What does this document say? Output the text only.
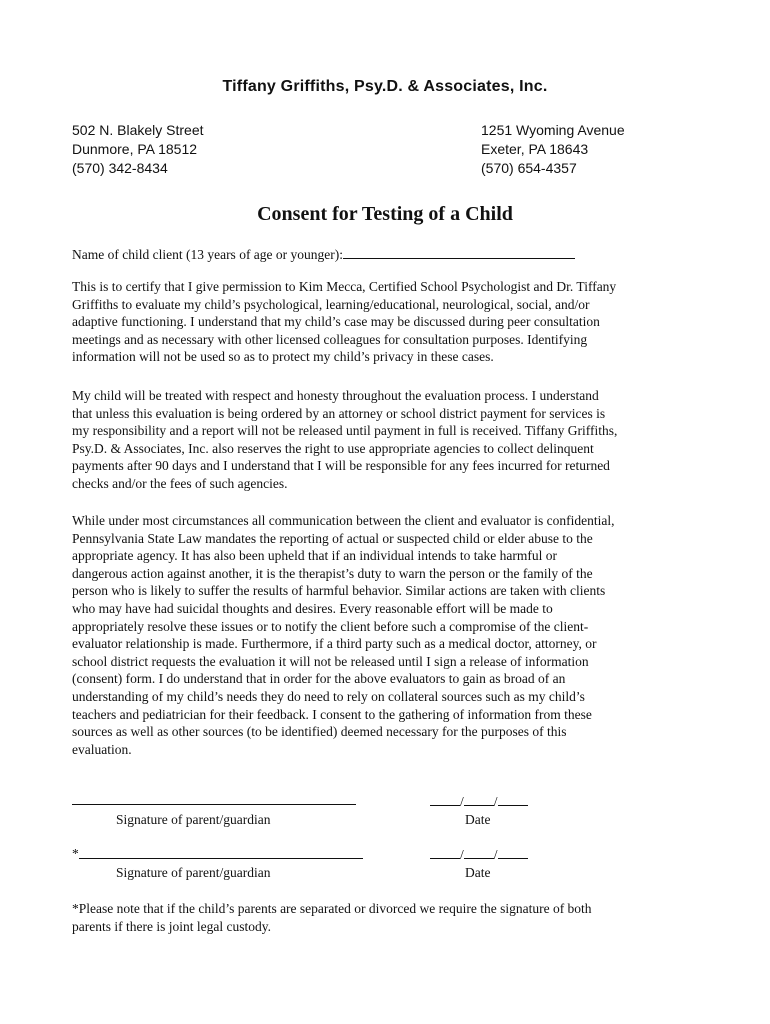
Tiffany Griffiths, Psy.D. & Associates, Inc.
502 N. Blakely Street
Dunmore, PA 18512
(570) 342-8434
1251 Wyoming Avenue
Exeter, PA 18643
(570) 654-4357
Consent for Testing of a Child
Name of child client (13 years of age or younger):

This is to certify that I give permission to Kim Mecca, Certified School Psychologist and Dr. Tiffany
Griffiths to evaluate my child’s psychological, learning/educational, neurological, social, and/or
adaptive functioning. I understand that my child’s case may be discussed during peer consultation
meetings and as necessary with other licensed colleagues for consultation purposes. Identifying
information will not be used so as to protect my child’s privacy in these cases.

My child will be treated with respect and honesty throughout the evaluation process. I understand
that unless this evaluation is being ordered by an attorney or school district payment for services is
my responsibility and a report will not be released until payment in full is received. Tiffany Griffiths,
Psy.D. & Associates, Inc. also reserves the right to use appropriate agencies to collect delinquent
payments after 90 days and I understand that I will be responsible for any fees incurred for returned
checks and/or the fees of such agencies.

While under most circumstances all communication between the client and evaluator is confidential,
Pennsylvania State Law mandates the reporting of actual or suspected child or elder abuse to the
appropriate agency. It has also been upheld that if an individual intends to take harmful or
dangerous action against another, it is the therapist’s duty to warn the person or the family of the
person who is likely to suffer the results of harmful behavior. Similar actions are taken with clients
who may have had suicidal thoughts and desires. Every reasonable effort will be made to
appropriately resolve these issues or to notify the client before such a compromise of the client-
evaluator relationship is made. Furthermore, if a third party such as a medical doctor, attorney, or
school district requests the evaluation it will not be released until I sign a release of information
(consent) form. I do understand that in order for the above evaluators to gain as broad of an
understanding of my child’s needs they do need to rely on collateral sources such as my child’s
teachers and pediatrician for their feedback. I consent to the gathering of information from these
sources as well as other sources (to be identified) deemed necessary for the purposes of this
evaluation.

Signature of parent/guardian
/ /
Date
*
Signature of parent/guardian
/ /
Date
*Please note that if the child’s parents are separated or divorced we require the signature of both
parents if there is joint legal custody.
